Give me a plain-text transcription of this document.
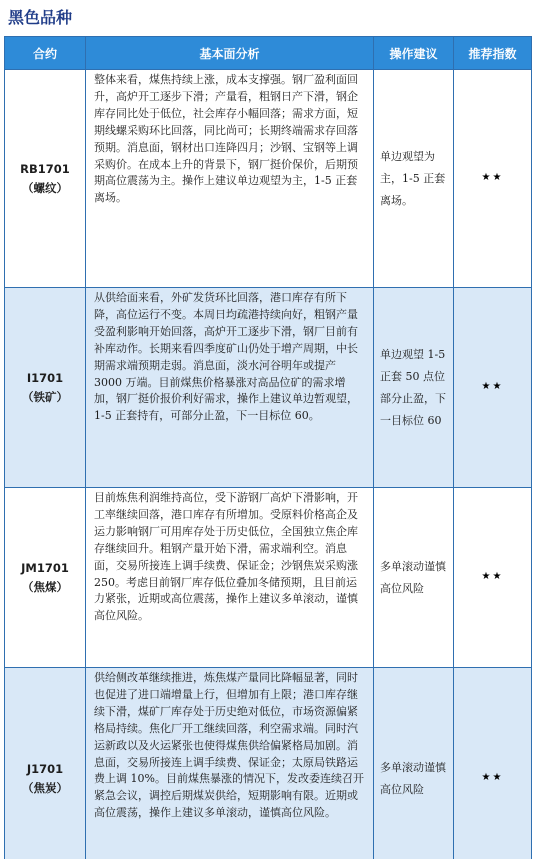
黑色品种
合约	基本面分析	操作建议	推荐指数

RB1701
（螺纹）	整体来看，煤焦持续上涨，成本支撑强。钢厂盈利面回升，高炉开工逐步下滑；产量看，粗钢日产下滑，钢企库存同比处于低位，社会库存小幅回落；需求方面，短期线螺采购环比回落，同比尚可；长期终端需求存回落预期。消息面，钢材出口连降四月；沙钢、宝钢等上调采购价。在成本上升的背景下，钢厂挺价保价，后期预期高位震荡为主。操作上建议单边观望为主，1-5 正套离场。	单边观望为主，1-5 正套离场。	★★

I1701
（铁矿）	从供给面来看，外矿发货环比回落，港口库存有所下降，高位运行不变。本周日均疏港持续向好，粗钢产量受盈利影响开始回落，高炉开工逐步下滑，钢厂目前有补库动作。长期来看四季度矿山仍处于增产周期，中长期需求端预期走弱。消息面，淡水河谷明年或提产 3000 万端。目前煤焦价格暴涨对高品位矿的需求增加，钢厂挺价报价利好需求，操作上建议单边暂观望，1-5 正套持有，可部分止盈，下一目标位 60。	单边观望 1-5 正套 50 点位部分止盈，下一目标位 60	★★

JM1701
（焦煤）	目前炼焦利润维持高位，受下游钢厂高炉下滑影响，开工率继续回落，港口库存有所增加。受原料价格高企及运力影响钢厂可用库存处于历史低位，全国独立焦企库存继续回升。粗钢产量开始下滑，需求端利空。消息面，交易所接连上调手续费、保证金；沙钢焦炭采购涨 250。考虑目前钢厂库存低位叠加冬储预期，且目前运力紧张，近期或高位震荡，操作上建议多单滚动，谨慎高位风险。	多单滚动谨慎高位风险	★★

J1701
（焦炭）	供给侧改革继续推进，炼焦煤产量同比降幅显著，同时也促进了进口端增量上行，但增加有上限；港口库存继续下滑，煤矿厂库存处于历史绝对低位，市场资源偏紧格局持续。焦化厂开工继续回落，利空需求端。同时汽运新政以及火运紧张也使得煤焦供给偏紧格局加剧。消息面，交易所接连上调手续费、保证金；太原局铁路运费上调 10%。目前煤焦暴涨的情况下，发改委连续召开紧急会议，调控后期煤炭供给，短期影响有限。近期或高位震荡，操作上建议多单滚动，谨慎高位风险。	多单滚动谨慎高位风险	★★
